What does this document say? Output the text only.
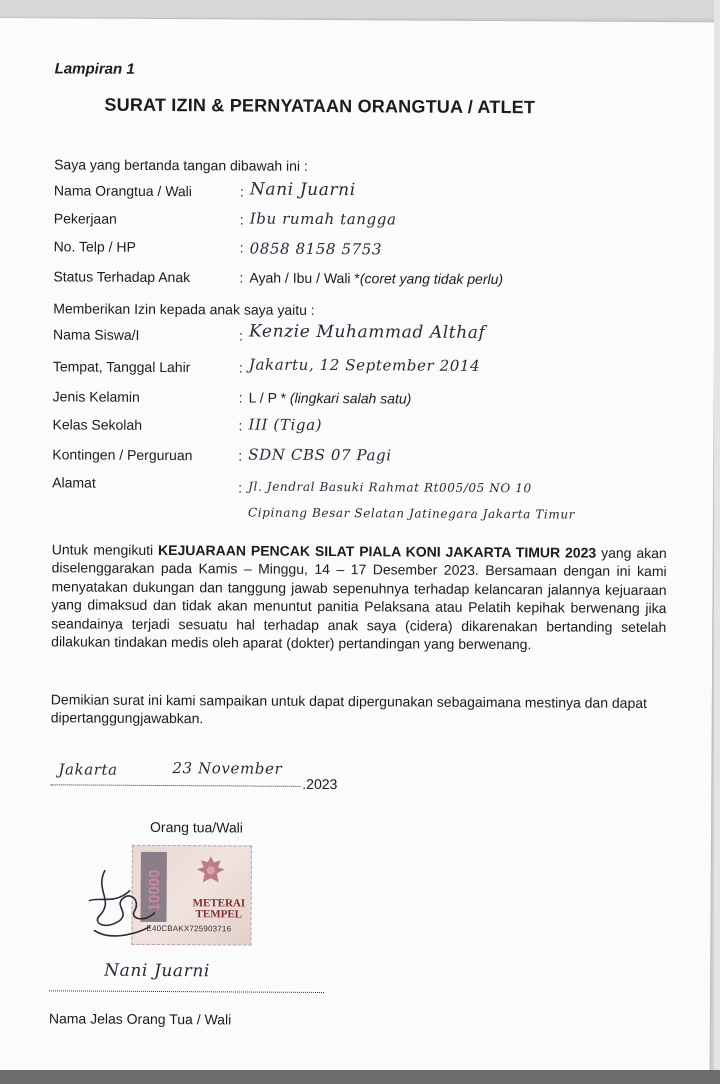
Lampiran 1
SURAT IZIN & PERNYATAAN ORANGTUA / ATLET
Saya yang bertanda tangan dibawah ini :
Nama Orangtua / Wali	: Nani Juarni
Pekerjaan	: Ibu rumah tangga
No. Telp / HP	: 0858 8158 5753
Status Terhadap Anak	: Ayah / Ibu / Wali *(coret yang tidak perlu)
Memberikan Izin kepada anak saya yaitu :
Nama Siswa/I	: Kenzie Muhammad Althaf
Tempat, Tanggal Lahir	: Jakartu, 12 September 2014
Jenis Kelamin	: L / P * (lingkari salah satu)
Kelas Sekolah	: III (Tiga)
Kontingen / Perguruan	: SDN CBS 07 Pagi
Alamat	: Jl. Jendral Basuki Rahmat Rt005/05 NO 10
Cipinang Besar Selatan Jatinegara Jakarta Timur
Untuk mengikuti KEJUARAAN PENCAK SILAT PIALA KONI JAKARTA TIMUR 2023 yang akan diselenggarakan pada Kamis – Minggu, 14 – 17 Desember 2023. Bersamaan dengan ini kami menyatakan dukungan dan tanggung jawab sepenuhnya terhadap kelancaran jalannya kejuaraan yang dimaksud dan tidak akan menuntut panitia Pelaksana atau Pelatih kepihak berwenang jika seandainya terjadi sesuatu hal terhadap anak saya (cidera) dikarenakan bertanding setelah dilakukan tindakan medis oleh aparat (dokter) pertandingan yang berwenang.
Demikian surat ini kami sampaikan untuk dapat dipergunakan sebagaimana mestinya dan dapat dipertanggungjawabkan.
Jakarta	23 November
.2023
Orang tua/Wali
10000	METERAI
TEMPEL
E40CBAKX725903716
Nani Juarni
Nama Jelas Orang Tua / Wali
